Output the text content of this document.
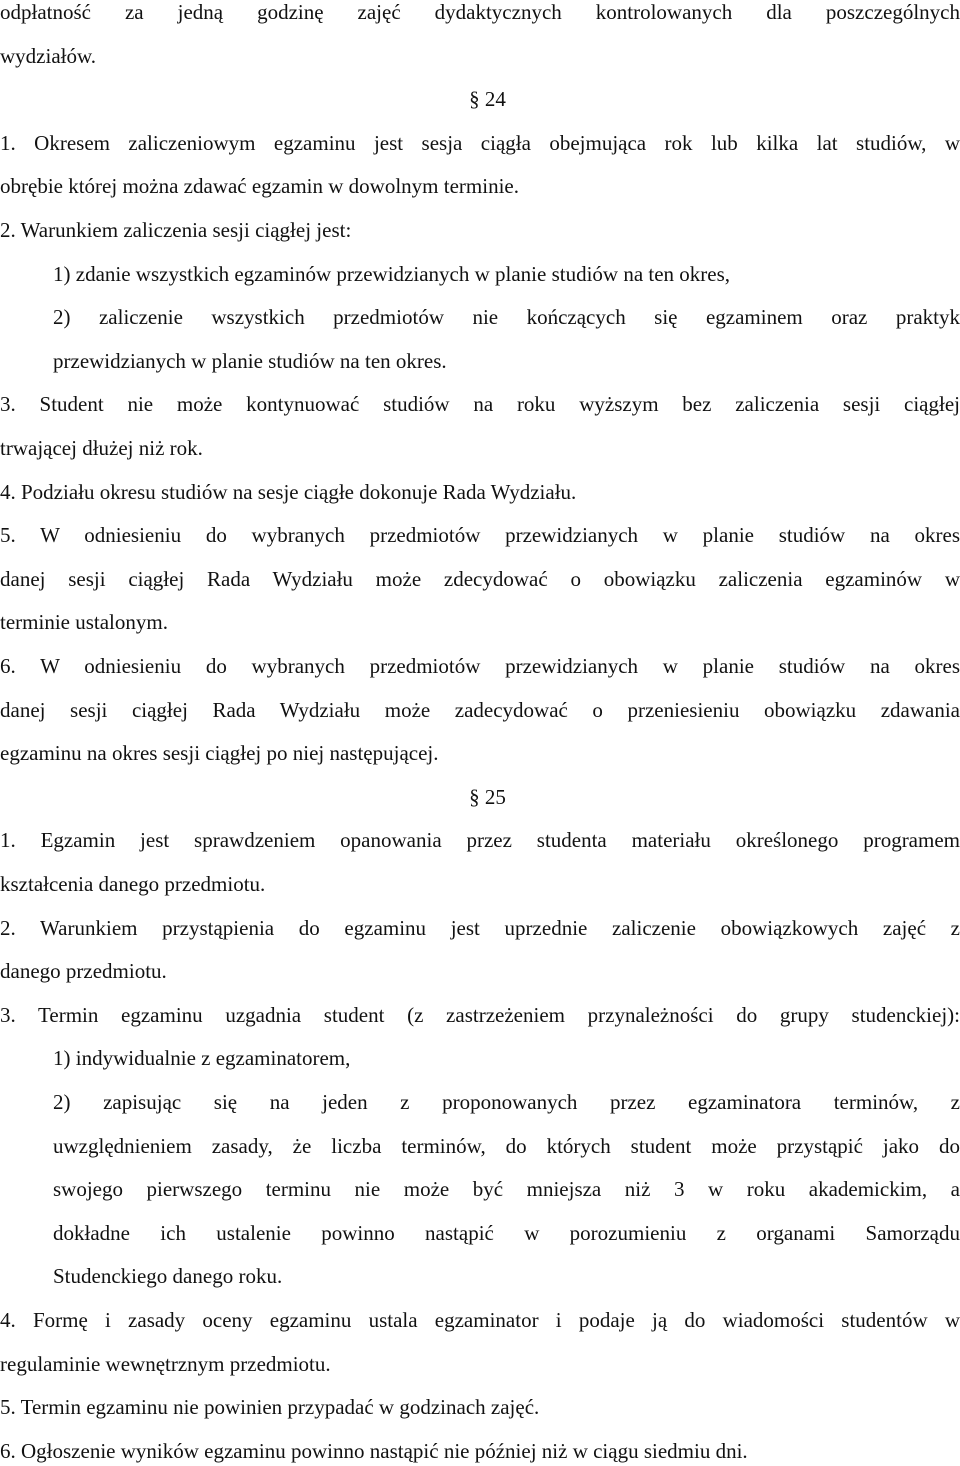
odpłatność za jedną godzinę zajęć dydaktycznych kontrolowanych dla poszczególnych
wydziałów.
§ 24
1. Okresem zaliczeniowym egzaminu jest sesja ciągła obejmująca rok lub kilka lat studiów, w
obrębie której można zdawać egzamin w dowolnym terminie.
2. Warunkiem zaliczenia sesji ciągłej jest:
1) zdanie wszystkich egzaminów przewidzianych w planie studiów na ten okres,
2) zaliczenie wszystkich przedmiotów nie kończących się egzaminem oraz praktyk
przewidzianych w planie studiów na ten okres.
3. Student nie może kontynuować studiów na roku wyższym bez zaliczenia sesji ciągłej
trwającej dłużej niż rok.
4. Podziału okresu studiów na sesje ciągłe dokonuje Rada Wydziału.
5. W odniesieniu do wybranych przedmiotów przewidzianych w planie studiów na okres
danej sesji ciągłej Rada Wydziału może zdecydować o obowiązku zaliczenia egzaminów w
terminie ustalonym.
6. W odniesieniu do wybranych przedmiotów przewidzianych w planie studiów na okres
danej sesji ciągłej Rada Wydziału może zadecydować o przeniesieniu obowiązku zdawania
egzaminu na okres sesji ciągłej po niej następującej.
§ 25
1. Egzamin jest sprawdzeniem opanowania przez studenta materiału określonego programem
kształcenia danego przedmiotu.
2. Warunkiem przystąpienia do egzaminu jest uprzednie zaliczenie obowiązkowych zajęć z
danego przedmiotu.
3. Termin egzaminu uzgadnia student (z zastrzeżeniem przynależności do grupy studenckiej):
1) indywidualnie z egzaminatorem,
2) zapisując się na jeden z proponowanych przez egzaminatora terminów, z
uwzględnieniem zasady, że liczba terminów, do których student może przystąpić jako do
swojego pierwszego terminu nie może być mniejsza niż 3 w roku akademickim, a
dokładne ich ustalenie powinno nastąpić w porozumieniu z organami Samorządu
Studenckiego danego roku.
4. Formę i zasady oceny egzaminu ustala egzaminator i podaje ją do wiadomości studentów w
regulaminie wewnętrznym przedmiotu.
5. Termin egzaminu nie powinien przypadać w godzinach zajęć.
6. Ogłoszenie wyników egzaminu powinno nastąpić nie później niż w ciągu siedmiu dni.
